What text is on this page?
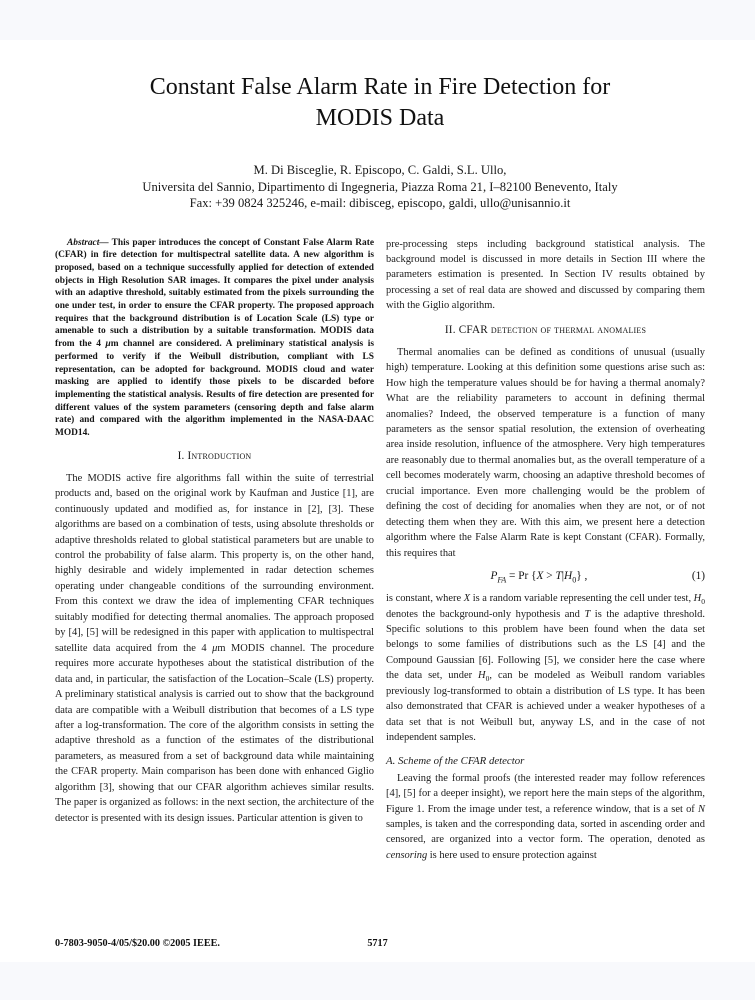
Constant False Alarm Rate in Fire Detection for
MODIS Data
M. Di Bisceglie, R. Episcopo, C. Galdi, S.L. Ullo,
Universita del Sannio, Dipartimento di Ingegneria, Piazza Roma 21, I–82100 Benevento, Italy
Fax: +39 0824 325246, e-mail: dibisceg, episcopo, galdi, ullo@unisannio.it

Abstract— This paper introduces the concept of Constant False Alarm Rate (CFAR) in fire detection for multispectral satellite data. A new algorithm is proposed, based on a technique successfully applied for detection of extended objects in High Resolution SAR images. It compares the pixel under analysis with an adaptive threshold, suitably estimated from the pixels surrounding the one under test, in order to ensure the CFAR property. The proposed approach requires that the background distribution is of Location Scale (LS) type or amenable to such a distribution by a suitable transformation. MODIS data from the 4 μm channel are considered. A preliminary statistical analysis is performed to verify if the Weibull distribution, compliant with LS representation, can be adopted for background. MODIS cloud and water masking are applied to identify those pixels to be discarded before implementing the statistical analysis. Results of fire detection are presented for different values of the system parameters (censoring depth and false alarm rate) and compared with the algorithm implemented in the NASA-DAAC MOD14.

I. Introduction

The MODIS active fire algorithms fall within the suite of terrestrial products and, based on the original work by Kaufman and Justice [1], are continuously updated and modified as, for instance in [2], [3]. These algorithms are based on a combination of tests, using absolute thresholds or adaptive thresholds related to global statistical parameters but are unable to control the probability of false alarm. This property is, on the other hand, highly desirable and widely implemented in radar detection schemes operating under changeable conditions of the surrounding environment. From this context we draw the idea of implementing CFAR techniques suitably modified for detecting thermal anomalies. The approach proposed by [4], [5] will be redesigned in this paper with application to multispectral satellite data acquired from the 4 μm MODIS channel. The procedure requires more accurate hypotheses about the statistical distribution of the data and, in particular, the satisfaction of the Location–Scale (LS) property. A preliminary statistical analysis is carried out to show that the background data are compatible with a Weibull distribution that becomes of a LS type after a log-transformation. The core of the algorithm consists in setting the adaptive threshold as a function of the estimates of the distributional parameters, as measured from a set of background data while maintaining the CFAR property. Main comparison has been done with enhanced Giglio algorithm [3], showing that our CFAR algorithm achieves similar results. The paper is organized as follows: in the next section, the architecture of the detector is presented with its design issues. Particular attention is given to

pre-processing steps including background statistical analysis. The background model is discussed in more details in Section III where the parameters estimation is presented. In Section IV results obtained by processing a set of real data are showed and discussed by comparing them with the Giglio algorithm.

II. CFAR detection of thermal anomalies

Thermal anomalies can be defined as conditions of unusual (usually high) temperature. Looking at this definition some questions arise such as: How high the temperature values should be for having a thermal anomaly? What are the reliability parameters to account in defining thermal anomalies? Indeed, the observed temperature is a function of many parameters as the sensor spatial resolution, the extension of overheating area inside resolution, influence of the atmosphere. Very high temperatures are reasonably due to thermal anomalies but, as the overall temperature of a cell becomes moderately warm, choosing an adaptive threshold becomes of crucial importance. Even more challenging would be the problem of defining the cost of deciding for anomalies when they are not, or of not detecting them when they are. With this aim, we present here a detection algorithm where the False Alarm Rate is kept Constant (CFAR). Formally, this requires that

$P_{FA} = Pr$ $\{X > T|H_0\}$ ,	(1)

is constant, where X is a random variable representing the cell under test, $H_0$ denotes the background-only hypothesis and T is the adaptive threshold. Specific solutions to this problem have been found when the data set belongs to some families of distributions such as the LS [4] and the Compound Gaussian [6]. Following [5], we consider here the case where the data set, under $H_0$, can be modeled as Weibull random variables previously log-transformed to obtain a distribution of LS type. It has been also demonstrated that CFAR is achieved under a weaker hypotheses of a data set that is not Weibull but, anyway LS, and in the case of not independent samples.

A. Scheme of the CFAR detector

Leaving the formal proofs (the interested reader may follow references [4], [5] for a deeper insight), we report here the main steps of the algorithm, Figure 1. From the image under test, a reference window, that is a set of N samples, is taken and the corresponding data, sorted in ascending order and censored, are organized into a vector form. The operation, denoted as censoring is here used to ensure protection against

0-7803-9050-4/05/$20.00 ©2005 IEEE.	5717
